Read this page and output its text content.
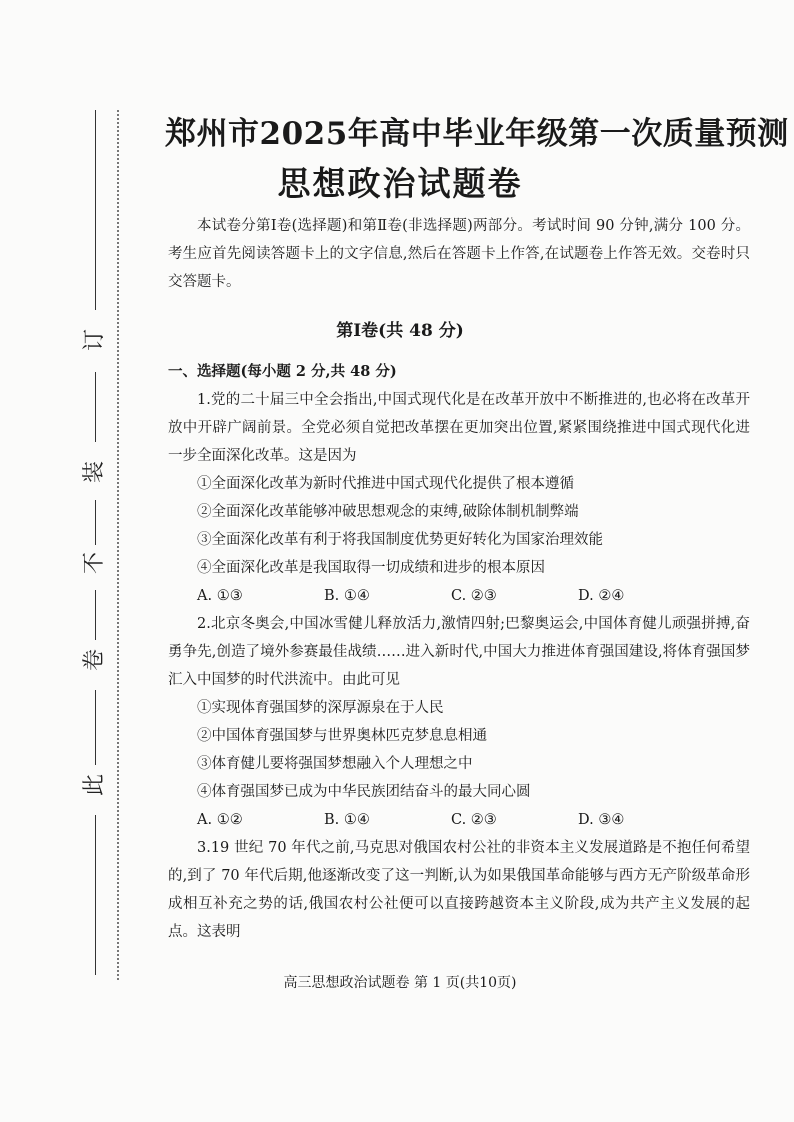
订
装
不
卷
此
郑州市2025年高中毕业年级第一次质量预测
思想政治试题卷
本试卷分第Ⅰ卷(选择题)和第Ⅱ卷(非选择题)两部分。考试时间 90 分钟,满分 100 分。考生应首先阅读答题卡上的文字信息,然后在答题卡上作答,在试题卷上作答无效。交卷时只交答题卡。
第Ⅰ卷(共 48 分)
一、选择题(每小题 2 分,共 48 分)

1.党的二十届三中全会指出,中国式现代化是在改革开放中不断推进的,也必将在改革开放中开辟广阔前景。全党必须自觉把改革摆在更加突出位置,紧紧围绕推进中国式现代化进一步全面深化改革。这是因为

①全面深化改革为新时代推进中国式现代化提供了根本遵循

②全面深化改革能够冲破思想观念的束缚,破除体制机制弊端

③全面深化改革有利于将我国制度优势更好转化为国家治理效能

④全面深化改革是我国取得一切成绩和进步的根本原因

A. ①③	B. ①④	C. ②③	D. ②④

2.北京冬奥会,中国冰雪健儿释放活力,激情四射;巴黎奥运会,中国体育健儿顽强拼搏,奋勇争先,创造了境外参赛最佳战绩……进入新时代,中国大力推进体育强国建设,将体育强国梦汇入中国梦的时代洪流中。由此可见

①实现体育强国梦的深厚源泉在于人民

②中国体育强国梦与世界奥林匹克梦息息相通

③体育健儿要将强国梦想融入个人理想之中

④体育强国梦已成为中华民族团结奋斗的最大同心圆

A. ①②	B. ①④	C. ②③	D. ③④

3.19 世纪 70 年代之前,马克思对俄国农村公社的非资本主义发展道路是不抱任何希望的,到了 70 年代后期,他逐渐改变了这一判断,认为如果俄国革命能够与西方无产阶级革命形成相互补充之势的话,俄国农村公社便可以直接跨越资本主义阶段,成为共产主义发展的起点。这表明

高三思想政治试题卷 第 1 页(共10页)
